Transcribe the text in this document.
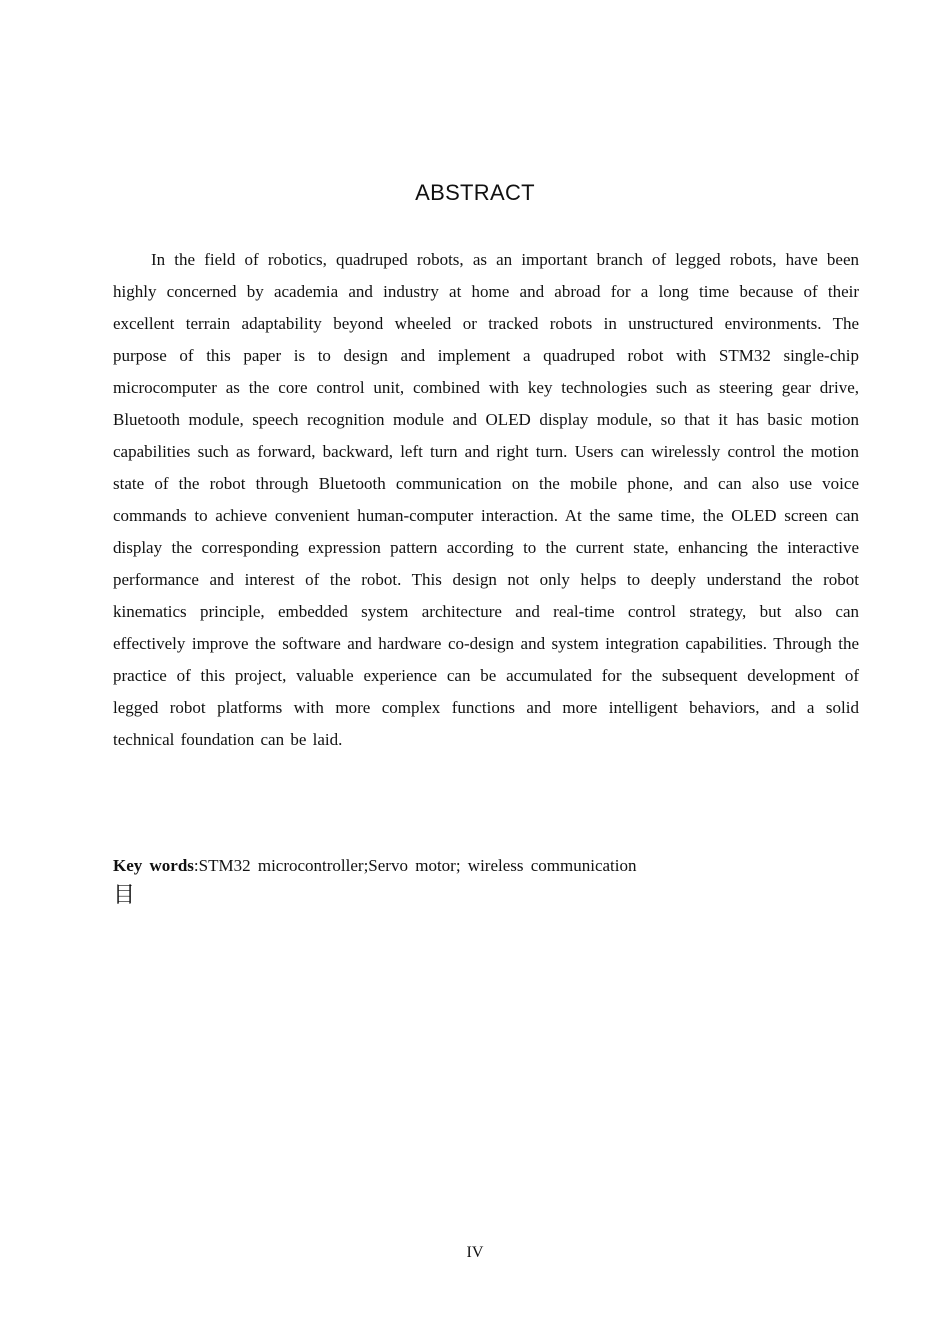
ABSTRACT

In the field of robotics, quadruped robots, as an important branch of legged robots, have been highly concerned by academia and industry at home and abroad for a long time because of their excellent terrain adaptability beyond wheeled or tracked robots in unstructured environments. The purpose of this paper is to design and implement a quadruped robot with STM32 single-chip microcomputer as the core control unit, combined with key technologies such as steering gear drive, Bluetooth module, speech recognition module and OLED display module, so that it has basic motion capabilities such as forward, backward, left turn and right turn. Users can wirelessly control the motion state of the robot through Bluetooth communication on the mobile phone, and can also use voice commands to achieve convenient human-computer interaction. At the same time, the OLED screen can display the corresponding expression pattern according to the current state, enhancing the interactive performance and interest of the robot. This design not only helps to deeply understand the robot kinematics principle, embedded system architecture and real-time control strategy, but also can effectively improve the software and hardware co-design and system integration capabilities. Through the practice of this project, valuable experience can be accumulated for the subsequent development of legged robot platforms with more complex functions and more intelligent behaviors, and a solid technical foundation can be laid.

Key words:STM32 microcontroller;Servo motor; wireless communication

目

IV
